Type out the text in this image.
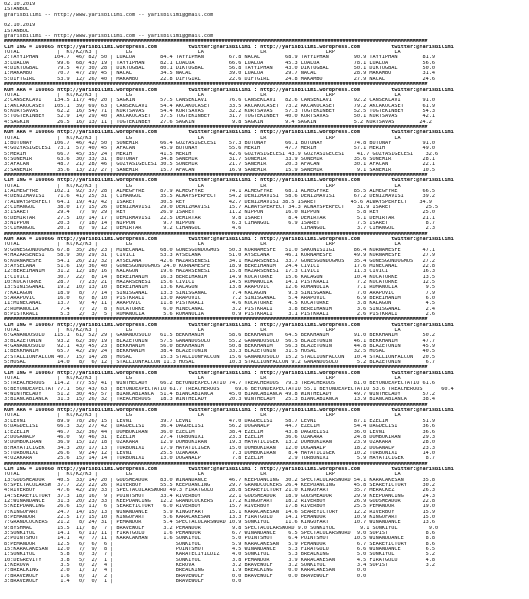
02.10.2019
ISTANBUL
@YarisBilimi -- http://www.yarisbilimi.com -- yarisbilimi@gmail.com
02.10.2019
ISTANBUL
@YarisBilimi -- http://www.yarisbilimi.com -- yarisbilimi@gmail.com
############################################################################################################################################
CIM ING = 169865 http://yarisbilimi.wordpress.com          twitter:@YarisBilimi : http://yarisbilimi.wordpress.com          twitter:@YarisBilimi
TOTAL            |  Kl/K2/K3 |         LG                     LA                  LR                   LRP                   LA
2:TAYYIPHAN     104.7  46/ 82/ 50 | LUALUA        84.4 TAYYIPHAN        67.8 NACAL        68.9 TAYYIPHAN        90.9 TAYYIPHAN        81.9
3:LUALUA         99.6  68/ 43/ 19 | TAYYIPHAN     82.1 LUALUA           66.6 LUALUA       45.3 LUALUA           78.1 LUALUA           56.6
4:DIKTUGBAL      79.5  47/ 30/ 28 | DIKTUGBAL     80.1 DIKTUGBAL        56.8 TAYYIPHAN    43.0 DIKTUGBAL        50.1 DIKTUGBAL        50.0
1:MAKAMBO        70.7  47/ 29/ 45 | NACAL         34.5 NACAL            39.0 LUALUA       29.7 NACAL            28.9 MAKAMBO          31.4
5:DIFTGIRL       53.9  12/ 26/ 40 | MAKAMBO       22.8 DIFTGIRL         22.6 DIFTGIRL     24.8 MAKAMBO          27.9 NACAL            24.6
############################################################################################################################################
KUM ARA = 169865 http://yarisbilimi.wordpress.com          twitter:@YarisBilimi : http://yarisbilimi.wordpress.com          twitter:@YarisBilimi
TOTAL            |  Kl/K2/K3 |         LG                     LA                  LR                   LRP                   LA
2:CANSEKLAVI    134.5 117/ 46/ 20 | SAGKIN        57.5 CANSEKLAVI       76.6 CANSEKLAVI   82.6 CANSEKLAVI       92.2 CANSEKLAVI       91.0
1:AKCAKOCASET   105.1  39/ 69/ 63 | CANSEKLAVI    54.4 AKCAKOCASET      33.5 AKCAKOCASET  73.2 AKCAKOCASET      79.2 AKCAKOCASET      61.9
6:KURTSAVAS      62.2  16/ 54/ 71 | KURTSAVAS     54.4 KURTSAVAS        32.2 KURTSAVAS    57.3 TOGTEKINBEY      52.5 TOGTEKINBEY      54.3
5:TOGTEKINBEY    52.9  14/ 29/ 40 | AKCAKOCASET   37.5 TOGTEKINBEY      31.7 TOGTEKINBEY  40.0 KURTSAVAS        50.1 KURTSAVAS        42.1
4:SAGKIN         26.5  16/ 13/ 11 | TOGTEKINBEY   27.6 SAGKIN            9.8 SAGKIN       9.4 SAGKIN            5.2 KURTSAVAS        24.2
############################################################################################################################################
KUM ARA = 169866 http://yarisbilimi.wordpress.com          twitter:@YarisBilimi : http://yarisbilimi.wordpress.com          twitter:@YarisBilimi
TOTAL            |  Kl/K2/K3 |         LG                     LA                  LR                   LRP                   LA
1:BUTUNAY       106.7  46/ 42/ 50 | SONEMIR       66.4 GOZYASIGECESI    57.3 BUTUNAY      66.1 BUTUNAY          74.8 BUTUNAY          91.0
4:GOZYASIGECESI  73.1  57/ 40/ 45 | AFACAN        45.9 BUTUNAY          55.6 MERIH        47.7 MERIH            57.1 MERIH            49.0
5:MERIH          66.7  45/ 35/ 24 | MERIH         41.5 MERIH            42.6 GOZYASIGECESI 43.9 GOZYASIGECESI    41.7 GOZYASIGECESI    32.6
6:SONEMIR        63.6  30/ 33/ 31 | BUTUNAY       34.8 SANEMIR          31.7 SONEMIR      33.9 SONEMIR          35.6 SONEMIR          28.1
3:AFACAN         48.7  21/ 28/ 46 | GOZYASIGECESI 30.5 SONEMIR          21.7 SANEMIR      20.3 AFACAN           30.1 AFACAN           22.1
2:SANEMIR        35.6  13/ 21/ 27 | SANEMIR       15.7 AFACAN           16.9 SANEMIR      15.9 SANEMIR           9.1 SANEMIR          10.5
############################################################################################################################################
CIM ING = 169866 http://yarisbilimi.wordpress.com          twitter:@YarisBilimi : http://yarisbilimi.wordpress.com          twitter:@YarisBilimi
TOTAL            |  Kl/K2/K3 |         LG                     LA                  LR                   LRP                   LA
1:ALMEGFYRE     102.1  92/ 37/ 28 | ALMEGFYRE     87.9 ALMEGFYRE        74.1 ALMEGFYRE    68.1 ALMEGFYRE        85.5 ALMEGFYRE        66.5
4:DENIZMAVISI    71.6  41/ 25/ 31 | CIHANGUL      35.5 ALWAYSPERFECT    54.2 DENIZMAVISI  58.6 DENIZMAVISI      67.2 DENIZMAVISI      39.2
7:ALWAYSPERFECT  64.1  19/ 41/ 42 | ISARET        30.5 REY              42.7 DENIZMAVISI 38.5 ISARET           45.6 ALWAYSPERFECT    34.9
2:CIHANGUL       38.0  17/ 15/ 26 | DENIZMAVISI   29.0 DENIZMAVISI      15.7 ALWAYSPERFECT 34.3 ALWAYSPERFECT    31.9 ISARET           25.5
3:ISARET         29.4   7/  9/ 29 | REY           26.9 ISARET           11.2 NIPPON       16.0 NIPPON            5.8 REY              25.0
6:DEMIRTAR       27.5  10/ 14/ 17 | DEMIRMAVISI   22.5 DEMIRTAR          9.8 ISARET        8.4 DEMIRTAR          5.1 DEMIRTAR         21.1
3:NIPPON         20.3   7/ 18/ 14 | NIPPON         9.7 NIPPON            6.3 CIHANGUL      6.9 ISARET            7.5 ISARET            8.7
5:CIHANGUL       20.1   8/  9/ 12 | DEMIRTAR       9.2 CIHANGUL          4.6                   CIHANGUL          3.7 CIHANGUL          2.3
############################################################################################################################################
KUM ARA = 169866 http://yarisbilimi.wordpress.com          twitter:@YarisBilimi : http://yarisbilimi.wordpress.com          twitter:@YarisBilimi
TOTAL            |  Kl/K2/K3 |         LG                     LA                  LR                   LRP                   LA
9:GUNESGUNDOGMUS 67.8  35/ 26/ 23 | MINECANAL     68.0 GUNESGUNDOGMUS   50.3 KORNAMESFE   51.0 SAKONISIIGI      86.4 KORNAMESFE       47.1
4:HAZARSENESI    58.9  30/ 29/ 31 | CIVICI        53.3 AYSELANA         51.0 AYSELANA     46.1 KORNAMESFE       49.9 KORNAMESFE       27.9
6:KORNAMESFE     54.1  26/ 21/ 32 | AYSELANA      42.6 HAZARSENESI      34.1 HAZARSENESI  33.7 GUNESGUNDOGMUS   35.4 GUNESGUNDOGMUS   27.2
3:AYSELANA       51.6  19/ 36/ 40 | GUNESGUNDOGMUS 24.0 KORNAMESFE      18.9 BEREIHANIM   24.4 CIVICI           17.6 MINECANAL        22.8
12:BEREIHANIM    31.2  12/ 18/ 16 | KALAGUN       19.6 HAZARSENESI      15.8 HAZARSENESI  17.3 CIVICI           11.3 CIVICI           16.3
1:CIVICI         30.7  22/  8/ 14 | BEREIHANIM    16.3 BEREIHANIM       14.9 KOCATURKE    15.6 KALAGUN          10.4 KOCATURKE        13.5
10:KOCATURKE     28.7   7/ 23/ 21 | HAZARSENESI   15.6 CIVICI           14.5 ROMANOLIA    14.1 PISTKRALI         7.2 KOCATURKE        12.5
13:SINISGANAL    19.2  10/ 13/ 10 | BEREIHANIM    13.6 KALAGUN          13.8 ARAPOVIC     12.6 ROMANOLIA         7.1 ROMANOLIA         9.5
7:KALAGUN        18.9   8/  7/ 14 | SINISGANAL    13.3 SINISGANAL        7.4 KALAGUN       9.3 SINISGANAL        7.0 ARAPOVIC          7.9
5:ARAPOVIC       16.0   6/  8/ 10 | PISTKRALI     13.0 ARAPOVIC          7.2 SINISGANAL    5.4 ARAPOVIC          6.9 BEREIHANIM        6.0
11:MINECANAL     13.7   9/  4/ 11 | ARAPOVIC      11.8 PISTKRALI         4.6 KOCATURKE     4.5 KOCATURKE         3.8 KALAGUN           4.5
2:ROMANOLIA       7.4   7/  2/  8 | KOCATURKE      6.0 MINECANAL         3.2 PISTKRALI     3.8 BEREIHANIM        3.6 SINISGANAL        2.4
8:PISTKRALI       5.3   2/  3/  5 | ROMANOLIA      5.6 ROMANOLIA         0.9 PISTKRALI     3.1 PISTKRALI         2.6 PISTKRALI         2.6
############################################################################################################################################
CIM ING = 169867 http://yarisbilimi.wordpress.com          twitter:@YarisBilimi : http://yarisbilimi.wordpress.com          twitter:@YarisBilimi
TOTAL            |  Kl/K2/K3 |         LG                     LA                  LR                   LRP                   LA
6:GANANDOSOLO   115.1  61/ 52/ 29 | GANANDOSOLO   61.5 BEKKHANIM        58.6 BEKKHANIM    64.5 BEKKHANIM        91.0 BEKKHANIM        50.2
3:BLAZETONIN     93.2  62/ 30/ 19 | BLAZETONIN    57.5 GANANDOSOLO      55.2 GANANDOSOLO  56.5 BLAZETONIN       46.1 BEKKHANIM        47.7
4:GANANDOSOLO    92.1  43/ 45/ 23 | BEKKHANIM     56.0 BEKKHANIM        50.8 BEKKHANIM    56.3 BLAZETONIN       44.8 BLAZETONIN       45.9
1:BEKKHANIM      65.7  42/ 29/ 24 | BEKKHANIM     38.4 BLAZETONIN       33.3 BLAZETONIN   31.5 HOSAL            32.5 HOSAL            40.5
2:STALLIONFALCON 40.7  15/ 14/ 28 | HOSAL         15.3 STALLIONFALCON   15.6 GANANDOSOLO  15.2 STALLIONFALCON   10.4 STALLIONFALCON   20.5
5:HOSAL          14.0   8/  6/ 12 | STALLIONFALCON 11.3 HOSAL           10.3 STALLIONFALCON 9.2 GANANDOSOLO      5.2 BLAZETONIN        6.7
############################################################################################################################################
CIM ING = 169867 http://yarisbilimi.wordpress.com          twitter:@YarisBilimi : http://yarisbilimi.wordpress.com          twitter:@YarisBilimi
TOTAL            |  Kl/K2/K3 |         LG                     LA                  LR                   LRP                   LA
5:TREACHEROUS   114.2  77/ 55/ 41 | WINTHELADY    66.2 BEYONDEXPECTATIO 74.7 TREACHEROUS  79.3 TREACHEROUS      81.0 BEYONDEXPECTATIO 61.6
6:BEYONDEXPECTAT 77.1  56/ 43/ 63 | BEYONDEXPECTATIO 61.7 TREACHEROUS     69.6 BEYONDEXPECTATIO 55.1 BEYONDEXPECTATIO 53.6 TREACHEROUS      60.4
4:WINTHELADY     51.2  30/ 45/ 57 | BIANCABIANCA  51.4 BIANCABIANCA     45.0 BIANCABIANCA 49.8 WINTHELADY       49.7 WINTHELADY       57.2
3:BIANCABIANCA   31.3  15/ 26/ 32 | TREACHEROUS   18.3 WINTHELADY       20.3 WINTHELADY   25.3 BIANCABIANCA     13.9 BIANCABIANCA     38.4
############################################################################################################################################
KUM ARA = 169868 http://yarisbilimi.wordpress.com          twitter:@YarisBilimi : http://yarisbilimi.wordpress.com          twitter:@YarisBilimi
TOTAL            |  Kl/K2/K3 |         LG                     LA                  LR                   LRP                   LA
3:LEVNI          89.9  78/ 26/ 15 | LEVNI         39.7 LEVNI            47.0 DAGDELISI    58.7 LEVNI            87.1 EZELIM           51.9
6:DAGDELISI      66.3  32/ 27/ 42 | DAGDELISI     36.4 DAGDELISI        56.2 DOGANALP     44.7 EZELIM           54.4 DAGDELISI        36.6
1:EZELIM         46.7  32/ 36/ 44 | DOMBOKIRAN    36.0 EZELIM           38.4 EZELIM       43.8 DAGDELISI        36.0 LEVNI            36.6
2:DOGANALP       46.0   9/ 46/ 31 | EZELIM        27.4 TURBONIXI        23.3 EZELIM       36.6 OZAKARA          24.8 DOMBOKIRAN       29.3
9:DOMBOKIRAN     36.9  15/ 12/ 18 | OZAKARA       12.9 DOMBOKIRAN       19.3 HAYATICIGEK  13.2 DOMBOKIRAN       23.9 OZAKARA          28.0
8:HAYATICIGEK    34.3  20/ 17/ 13 | TURBONIXI     17.9 HAYATICIGEK      15.0 DOMBOKIRAN   12.0 DOGANALP         18.2 DOGANALP         23.3
5:TURBONIXI      26.6   9/ 24/ 12 | LEVNI         25.5 OZAKARA           7.3 DOMBOKIRAN    8.4 HAYATICIGEK      10.2 TURBONIXI        14.0
4:OZAKARA        25.6  15/ 14/ 14 | TURBONIXI     13.0 DOGANALP          7.8 EZELIM        2.9 TURBONIXI         5.9 HAYATICIGEK       8.7
############################################################################################################################################
CIM ING = 169868 http://yarisbilimi.wordpress.com          twitter:@YarisBilimi : http://yarisbilimi.wordpress.com          twitter:@YarisBilimi
TOTAL            |  Kl/K2/K3 |         LG                     LA                  LR                   LRP                   LA
13:GODSMEADOR    40.5  33/ 14/ 20 | GODSMEADOR    83.0 WINANDANCE       46.7 KEEPDANCING  30.2 SPECTACULARSWORD 54.1 KARACAKESAN      35.8
6:SPECTACULARSW  37.7  22/ 22/ 26 | RIVERBOY      55.5 KEEPDANCING      29.7 GRANDCOCKERS 26.4 KEEPDANCING      45.8 SEAREYICTORY     30.2
4:RIVERBOY       47.6  42/ 29/ 33 | SPECTACULARSWORD 49.3 FIRATGULU     28.8 SEAREYICTORY 21.0 KINGOFART        35.7 MERACKEZ         26.3
14:SEAREYICTORY  37.3  18/ 16/  9 | POINTSHOT     33.4 RIVERBOY         22.1 GODSMEADOR   18.9 GODSMEADOR       29.9 KEEPDANCING      24.3
12:WINANDANCE    31.3  20/ 23/ 33 | KEEPDANCING   12.2 GRANDCOCKERS     17.2 KINGOFART    18.2 RIVERBOY         26.9 GODSMEADOR       22.8
5:KEEPDANCING    26.6  15/ 11/  6 | SEAREYICTORY   6.0 RIVERBOY         15.7 RIVERBOY     17.8 RIVERBOY         25.5 PEMANDOR         19.0
7:KINGOFART      24.7  14/ 15/ 13 | WINANDANCE     5.9 KINGOFART        15.1 KARACAKESAN  14.6 SEAREYICTORY     12.2 RIVERBOY         15.9
8:PEMANDOR       22.5  17/ 15/ 10 | KINGOFART      5.6 KARACAKESAN      13.3 FIRATGULU    14.1 PEMANDOR         10.9 KINGOFART        15.0
7:GRANDCOCKERS   21.2   8/ 24/ 31 | PEMANDOR       5.4 SPECTACULARSWORD 10.9 SONKIYUL     11.6 KINGOFART        10.7 WINANDANCE       13.6
9:BYSHMAL        15.5  11/  8/  7 | BRAVEWOLF      3.2 PEMANDOR          9.8 SPECTACULARSWORD 9.0 SONKIYUL        9.1 SONKIYUL          9.0
3:SONKIYUL       14.1   6/ 11/ 11 | FIRATGULU      1.6 PEMANDOR          6.7 WINANDANCE    6.5 SPECTACULARSWORD  9.0 SOPIST            8.6
2:POINTSHOT      14.1   4/  7/ 11 | KARACAKHAN     1.6 SONKIYUL          5.0 POINTSHOT     6.4 POINTSHOT        10.5 WINANDDANCE       8.8
8:PEMANDOR       12.5   6/  6/  6 |                    SONKIYUL          5.9 KARACAKESAN   5.9 PEMANDOR          6.7 SEAREYICTORY      8.6
15:KARACAKESAN   12.0   7/  9/  8 |                    POINTSHOT         4.5 WINANDANCE    5.3 FIRATGULU         6.6 WINANDANCE        6.5
1:SONKIYUL        5.8   0/  3/  7 |                    KARATECIYILDIZ    4.0 SONKIYUL      5.3 BREALKING         5.0 SONKIYUL          5.2
10:DEGREVITY      3.8   5/  2/  1 |                    SONKIYUL          3.8 PEMANDOR      3.9 KARACAKESAN       4.5 FIRATGULU         4.8
1:KEROVA          3.5   0/  2/  4 |                    KEROVA            3.2 BRAVEWOLF     3.2 SONKIYUL          3.4 SOPIST            3.2
7:BREALKING       2.0   1/  1/  4 |                    BREALKING         1.9 BREALKING     0.0 KARACAKESAN       0.0
7:BRAVEWOLF       1.6   0/  1/  2 |                    BRAVEWOLF         0.0 BRAVEWOLF     0.0 BRAVEWOLF         0.0
3:BRAVEWOLF       1.4   0/  0/  1 |                    BRAVEWOLF         0.0
